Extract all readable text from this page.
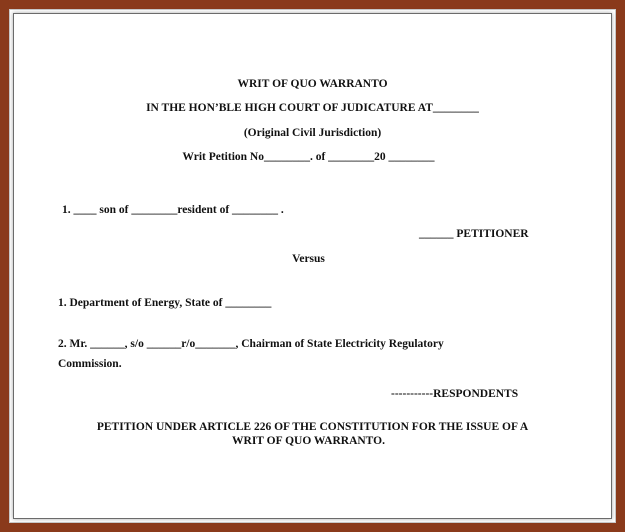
WRIT OF QUO WARRANTO
IN THE HON’BLE HIGH COURT OF JUDICATURE AT________
(Original Civil Jurisdiction)
Writ Petition No________. of ________20 ________
1. ____ son of ________resident of ________ .
______ PETITIONER
Versus
1. Department of Energy, State of ________
2. Mr. ______, s/o ______r/o_______, Chairman of State Electricity Regulatory
Commission.
-----------RESPONDENTS
PETITION UNDER ARTICLE 226 OF THE CONSTITUTION FOR THE ISSUE OF A
WRIT OF QUO WARRANTO.
